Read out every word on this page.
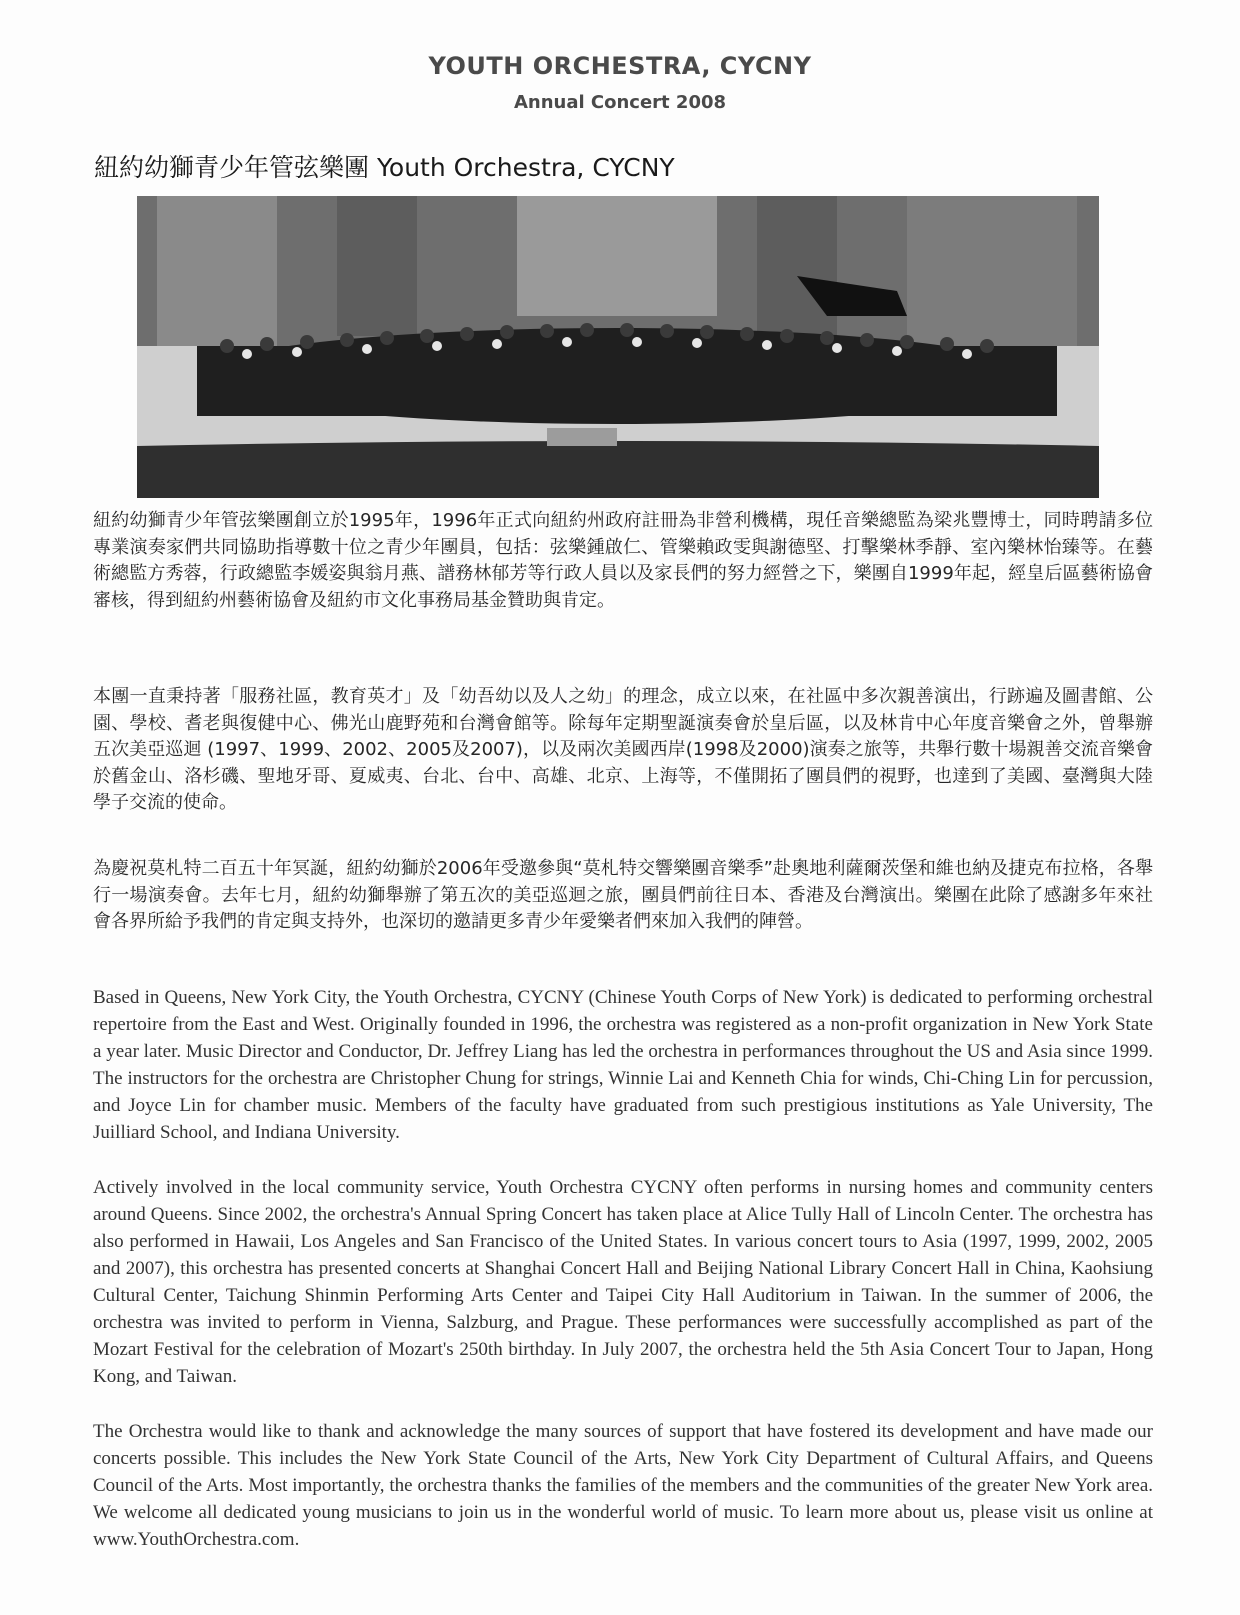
YOUTH ORCHESTRA, CYCNY
Annual Concert 2008
紐約幼獅青少年管弦樂團 Youth Orchestra, CYCNY

紐約幼獅青少年管弦樂團創立於1995年，1996年正式向紐約州政府註冊為非營利機構，現任音樂總監為梁兆豐博士，同時聘請多位專業演奏家們共同協助指導數十位之青少年團員，包括：弦樂鍾啟仁、管樂賴政雯與謝德堅、打擊樂林季靜、室內樂林怡臻等。在藝術總監方秀蓉，行政總監李媛姿與翁月燕、譜務林郁芳等行政人員以及家長們的努力經營之下，樂團自1999年起，經皇后區藝術協會審核，得到紐約州藝術協會及紐約市文化事務局基金贊助與肯定。

本團一直秉持著「服務社區，教育英才」及「幼吾幼以及人之幼」的理念，成立以來，在社區中多次親善演出，行跡遍及圖書館、公園、學校、耆老與復健中心、佛光山鹿野苑和台灣會館等。除每年定期聖誕演奏會於皇后區，以及林肯中心年度音樂會之外，曾舉辦五次美亞巡迴 (1997、1999、2002、2005及2007)，以及兩次美國西岸(1998及2000)演奏之旅等，共舉行數十場親善交流音樂會於舊金山、洛杉磯、聖地牙哥、夏威夷、台北、台中、高雄、北京、上海等，不僅開拓了團員們的視野，也達到了美國、臺灣與大陸學子交流的使命。

為慶祝莫札特二百五十年冥誕，紐約幼獅於2006年受邀參與“莫札特交響樂團音樂季”赴奧地利薩爾茨堡和維也納及捷克布拉格，各舉行一場演奏會。去年七月，紐約幼獅舉辦了第五次的美亞巡迴之旅，團員們前往日本、香港及台灣演出。樂團在此除了感謝多年來社會各界所給予我們的肯定與支持外，也深切的邀請更多青少年愛樂者們來加入我們的陣營。

Based in Queens, New York City, the Youth Orchestra, CYCNY (Chinese Youth Corps of New York) is dedicated to performing orchestral repertoire from the East and West. Originally founded in 1996, the orchestra was registered as a non-profit organization in New York State a year later. Music Director and Conductor, Dr. Jeffrey Liang has led the orchestra in performances throughout the US and Asia since 1999. The instructors for the orchestra are Christopher Chung for strings, Winnie Lai and Kenneth Chia for winds, Chi-Ching Lin for percussion, and Joyce Lin for chamber music. Members of the faculty have graduated from such prestigious institutions as Yale University, The Juilliard School, and Indiana University.

Actively involved in the local community service, Youth Orchestra CYCNY often performs in nursing homes and community centers around Queens. Since 2002, the orchestra's Annual Spring Concert has taken place at Alice Tully Hall of Lincoln Center. The orchestra has also performed in Hawaii, Los Angeles and San Francisco of the United States. In various concert tours to Asia (1997, 1999, 2002, 2005 and 2007), this orchestra has presented concerts at Shanghai Concert Hall and Beijing National Library Concert Hall in China, Kaohsiung Cultural Center, Taichung Shinmin Performing Arts Center and Taipei City Hall Auditorium in Taiwan. In the summer of 2006, the orchestra was invited to perform in Vienna, Salzburg, and Prague. These performances were successfully accomplished as part of the Mozart Festival for the celebration of Mozart's 250th birthday. In July 2007, the orchestra held the 5th Asia Concert Tour to Japan, Hong Kong, and Taiwan.

The Orchestra would like to thank and acknowledge the many sources of support that have fostered its development and have made our concerts possible. This includes the New York State Council of the Arts, New York City Department of Cultural Affairs, and Queens Council of the Arts. Most importantly, the orchestra thanks the families of the members and the communities of the greater New York area. We welcome all dedicated young musicians to join us in the wonderful world of music. To learn more about us, please visit us online at www.YouthOrchestra.com.
